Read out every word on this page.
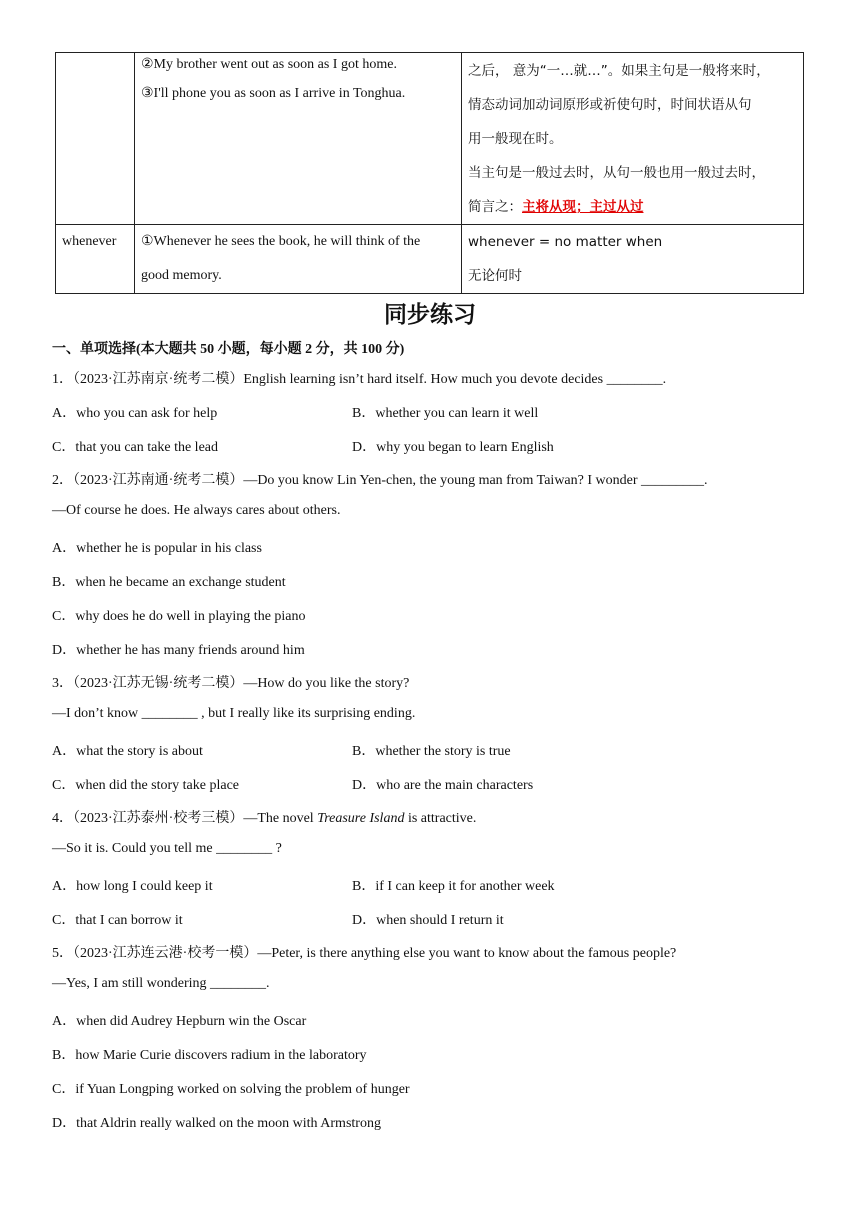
	②My brother went out as soon as I got home.
③I'll phone you as soon as I arrive in Tonghua.	之后， 意为“一…就…”。如果主句是一般将来时，
情态动词加动词原形或祈使句时，时间状语从句
用一般现在时。
当主句是一般过去时，从句一般也用一般过去时，
简言之：主将从现；主过从过

whenever	①Whenever he sees the book, he will think of the
good memory.	whenever = no matter when
无论何时
同步练习
一、单项选择(本大题共 50 小题，每小题 2 分，共 100 分)
1．（2023·江苏南京·统考二模）English learning isn’t hard itself. How much you devote decides ________.
A．who you can ask for help	B．whether you can learn it well
C．that you can take the lead	D．why you began to learn English
2．（2023·江苏南通·统考二模）—Do you know Lin Yen-chen, the young man from Taiwan? I wonder _________.
—Of course he does. He always cares about others.
A．whether he is popular in his class
B．when he became an exchange student
C．why does he do well in playing the piano
D．whether he has many friends around him
3．（2023·江苏无锡·统考二模）—How do you like the story?
—I don’t know ________ , but I really like its surprising ending.
A．what the story is about	B．whether the story is true
C．when did the story take place	D．who are the main characters
4．（2023·江苏泰州·校考三模）—The novel Treasure Island is attractive.
—So it is. Could you tell me ________ ?
A．how long I could keep it	B．if I can keep it for another week
C．that I can borrow it	D．when should I return it
5．（2023·江苏连云港·校考一模）—Peter, is there anything else you want to know about the famous people?
—Yes, I am still wondering ________.
A．when did Audrey Hepburn win the Oscar
B．how Marie Curie discovers radium in the laboratory
C．if Yuan Longping worked on solving the problem of hunger
D．that Aldrin really walked on the moon with Armstrong
